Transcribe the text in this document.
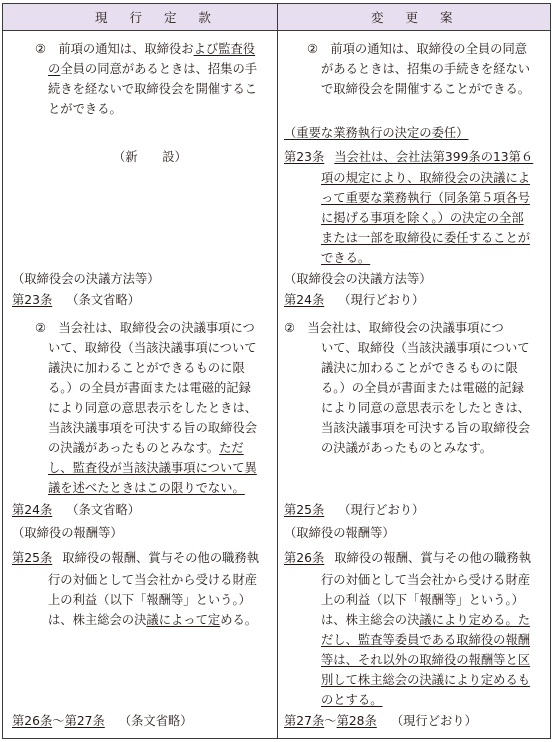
現 行 定 款	変 更 案
②　前項の通知は、取締役および監査役
の全員の同意があるときは、招集の手
続きを経ないで取締役会を開催するこ
とができる。
（新　　設）
（取締役会の決議方法等）
第23条 （条文省略）
②　当会社は、取締役会の決議事項につ
いて、取締役（当該決議事項について
議決に加わることができるものに限
る。）の全員が書面または電磁的記録
により同意の意思表示をしたときは、
当該決議事項を可決する旨の取締役会
の決議があったものとみなす。ただ
し、監査役が当該決議事項について異
議を述べたときはこの限りでない。
第24条 （条文省略）
（取締役の報酬等）
第25条 取締役の報酬、賞与その他の職務執
行の対価として当会社から受ける財産
上の利益（以下「報酬等」という。）
は、株主総会の決議によって定める。
第26条～第27条 （条文省略）
②　前項の通知は、取締役の全員の同意
があるときは、招集の手続きを経ない
で取締役会を開催することができる。
（重要な業務執行の決定の委任）
第23条 当会社は、会社法第399条の13第６
項の規定により、取締役会の決議によ
って重要な業務執行（同条第５項各号
に掲げる事項を除く。）の決定の全部
または一部を取締役に委任することが
できる。
（取締役会の決議方法等）
第24条 （現行どおり）
②　当会社は、取締役会の決議事項につ
いて、取締役（当該決議事項について
議決に加わることができるものに限
る。）の全員が書面または電磁的記録
により同意の意思表示をしたときは、
当該決議事項を可決する旨の取締役会
の決議があったものとみなす。
第25条 （現行どおり）
（取締役の報酬等）
第26条 取締役の報酬、賞与その他の職務執
行の対価として当会社から受ける財産
上の利益（以下「報酬等」という。）
は、株主総会の決議により定める。た
だし、監査等委員である取締役の報酬
等は、それ以外の取締役の報酬等と区
別して株主総会の決議により定めるも
のとする。
第27条～第28条 （現行どおり）
